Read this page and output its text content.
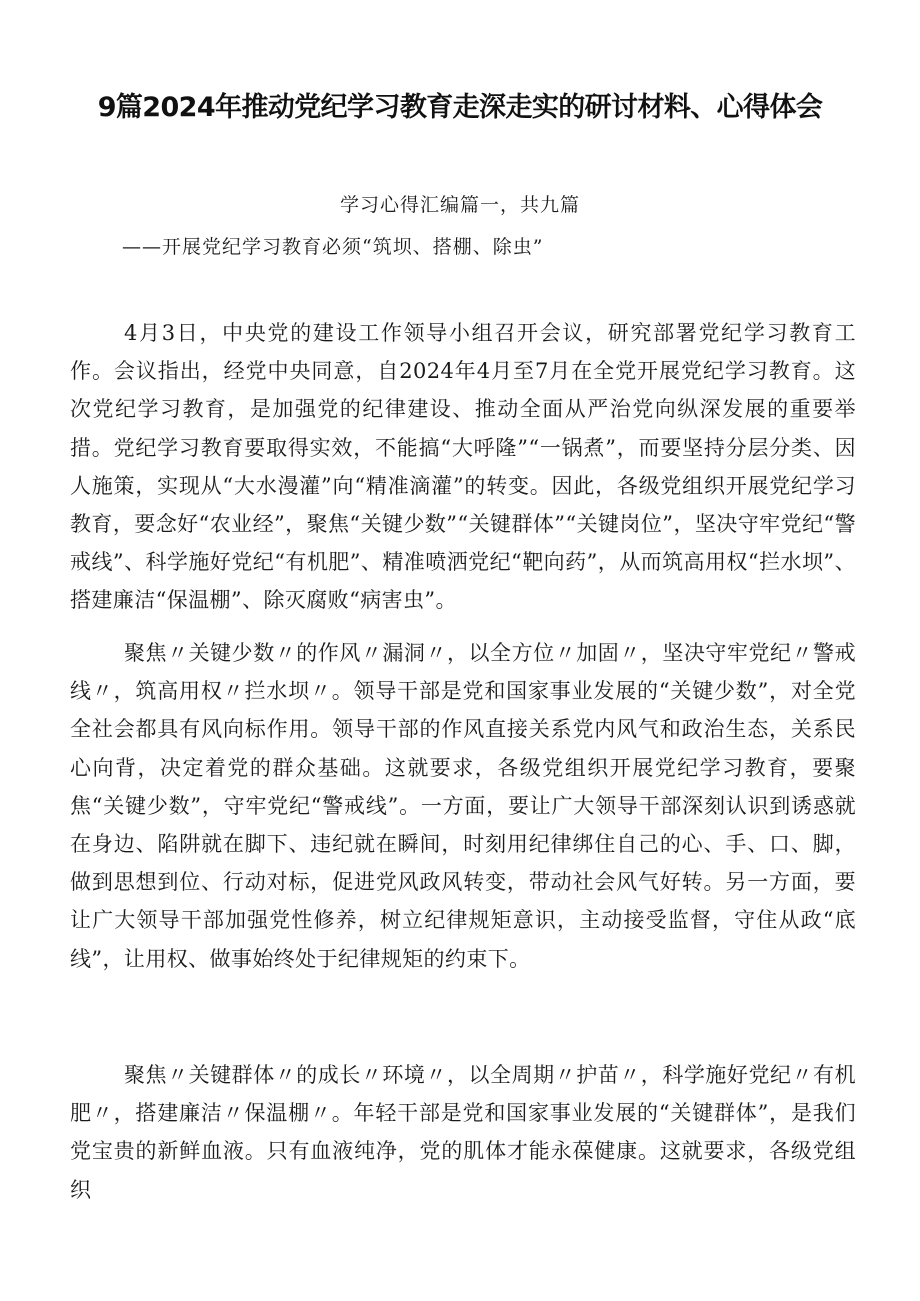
9篇2024年推动党纪学习教育走深走实的研讨材料、心得体会
学习心得汇编篇一，共九篇
——开展党纪学习教育必须“筑坝、搭棚、除虫”

4月3日，中央党的建设工作领导小组召开会议，研究部署党纪学习教育工作。会议指出，经党中央同意，自2024年4月至7月在全党开展党纪学习教育。这次党纪学习教育，是加强党的纪律建设、推动全面从严治党向纵深发展的重要举措。党纪学习教育要取得实效，不能搞“大呼隆”“一锅煮”，而要坚持分层分类、因人施策，实现从“大水漫灌”向“精准滴灌”的转变。因此，各级党组织开展党纪学习教育，要念好“农业经”，聚焦“关键少数”“关键群体”“关键岗位”，坚决守牢党纪“警戒线”、科学施好党纪“有机肥”、精准喷洒党纪“靶向药”，从而筑高用权“拦水坝”、搭建廉洁“保温棚”、除灭腐败“病害虫”。

聚焦〃关键少数〃的作风〃漏洞〃，以全方位〃加固〃，坚决守牢党纪〃警戒线〃，筑高用权〃拦水坝〃。领导干部是党和国家事业发展的“关键少数”，对全党全社会都具有风向标作用。领导干部的作风直接关系党内风气和政治生态，关系民心向背，决定着党的群众基础。这就要求，各级党组织开展党纪学习教育，要聚焦“关键少数”，守牢党纪“警戒线”。一方面，要让广大领导干部深刻认识到诱惑就在身边、陷阱就在脚下、违纪就在瞬间，时刻用纪律绑住自己的心、手、口、脚，做到思想到位、行动对标，促进党风政风转变，带动社会风气好转。另一方面，要让广大领导干部加强党性修养，树立纪律规矩意识，主动接受监督，守住从政“底线”，让用权、做事始终处于纪律规矩的约束下。

聚焦〃关键群体〃的成长〃环境〃，以全周期〃护苗〃，科学施好党纪〃有机肥〃，搭建廉洁〃保温棚〃。年轻干部是党和国家事业发展的“关键群体”，是我们党宝贵的新鲜血液。只有血液纯净，党的肌体才能永葆健康。这就要求，各级党组织
